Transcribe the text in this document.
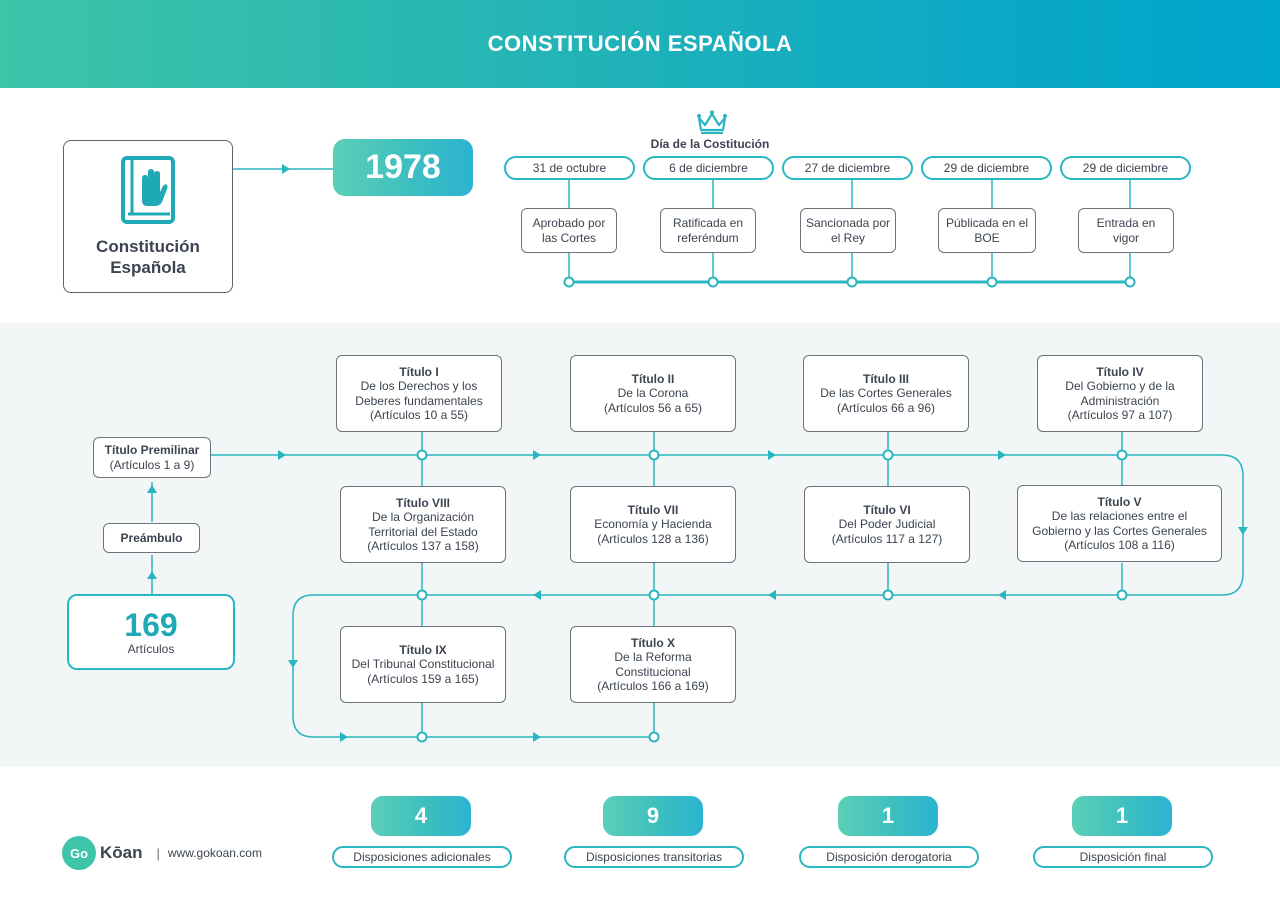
CONSTITUCIÓN ESPAÑOLA
Constitución
Española
1978
Día de la Costitución
31 de octubre	6 de diciembre	27 de diciembre	29 de diciembre	29 de diciembre
Aprobado por
las Cortes
Ratificada en
referéndum
Sancionada por
el Rey
Públicada en el
BOE
Entrada en
vigor
Título Premilinar
(Artículos 1 a 9)
Preámbulo
169
Artículos
Título I
De los Derechos y los
Deberes fundamentales
(Artículos 10 a 55)
Título II
De la Corona
(Artículos 56 a 65)
Título III
De las Cortes Generales
(Artículos 66 a 96)
Título IV
Del Gobierno y de la
Administración
(Artículos 97 a 107)
Título V
De las relaciones entre el
Gobierno y las Cortes Generales
(Artículos 108 a 116)
Título VI
Del Poder Judicial
(Artículos 117 a 127)
Título VII
Economía y Hacienda
(Artículos 128 a 136)
Título VIII
De la Organización
Territorial del Estado
(Artículos 137 a 158)
Título IX
Del Tribunal Constitucional
(Artículos 159 a 165)
Título X
De la Reforma
Constitucional
(Artículos 166 a 169)
4	9	1	1
Disposiciones adicionales	Disposiciones transitorias	Disposición derogatoria	Disposición final
Go Kōan | www.gokoan.com
